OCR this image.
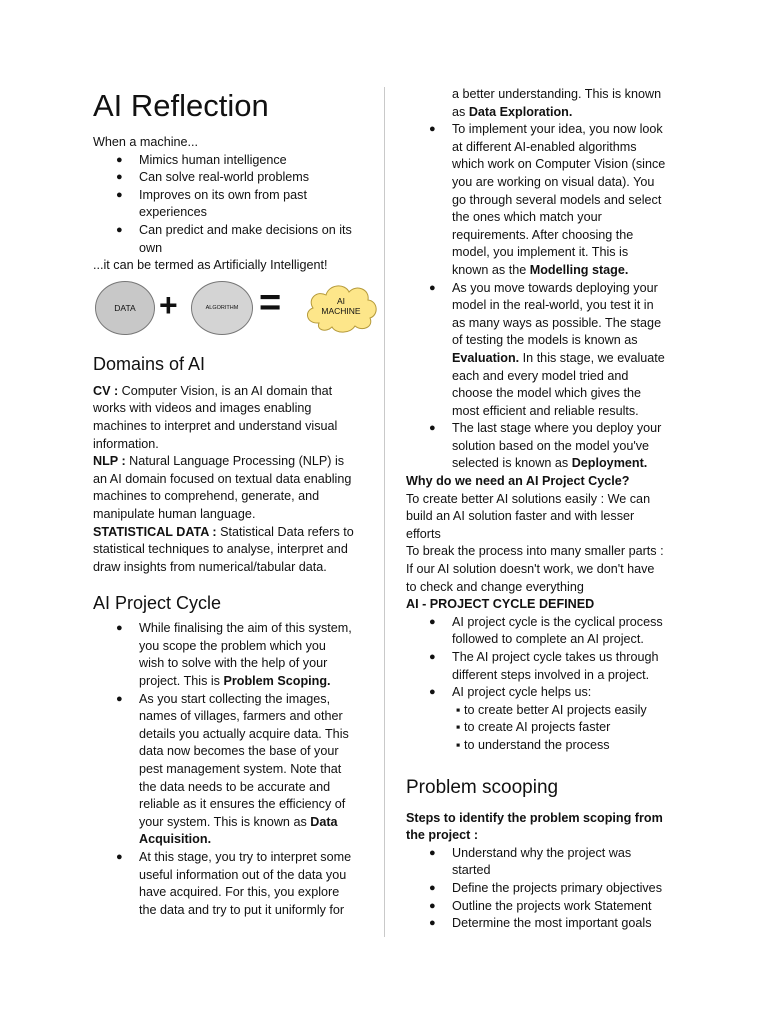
AI Reflection
When a machine...
● Mimics human intelligence
● Can solve real-world problems
● Improves on its own from past
experiences
● Can predict and make decisions on its
own
...it can be termed as Artificially Intelligent!
DATA +	ALGORITHM =	AI
MACHINE
Domains of AI
CV : Computer Vision, is an AI domain that
works with videos and images enabling
machines to interpret and understand visual
information.
NLP : Natural Language Processing (NLP) is
an AI domain focused on textual data enabling
machines to comprehend, generate, and
manipulate human language.
STATISTICAL DATA : Statistical Data refers to
statistical techniques to analyse, interpret and
draw insights from numerical/tabular data.
AI Project Cycle
● While finalising the aim of this system,
you scope the problem which you
wish to solve with the help of your
project. This is Problem Scoping.
● As you start collecting the images,
names of villages, farmers and other
details you actually acquire data. This
data now becomes the base of your
pest management system. Note that
the data needs to be accurate and
reliable as it ensures the efficiency of
your system. This is known as Data
Acquisition.
● At this stage, you try to interpret some
useful information out of the data you
have acquired. For this, you explore
the data and try to put it uniformly for
a better understanding. This is known
as Data Exploration.
● To implement your idea, you now look
at different AI-enabled algorithms
which work on Computer Vision (since
you are working on visual data). You
go through several models and select
the ones which match your
requirements. After choosing the
model, you implement it. This is
known as the Modelling stage.
● As you move towards deploying your
model in the real-world, you test it in
as many ways as possible. The stage
of testing the models is known as
Evaluation. In this stage, we evaluate
each and every model tried and
choose the model which gives the
most efficient and reliable results.
● The last stage where you deploy your
solution based on the model you've
selected is known as Deployment.
Why do we need an AI Project Cycle?
To create better AI solutions easily : We can
build an AI solution faster and with lesser
efforts
To break the process into many smaller parts :
If our AI solution doesn't work, we don't have
to check and change everything
AI - PROJECT CYCLE DEFINED
● AI project cycle is the cyclical process
followed to complete an AI project.
● The AI project cycle takes us through
different steps involved in a project.
● AI project cycle helps us:
▪ to create better AI projects easily
▪ to create AI projects faster
▪ to understand the process
Problem scooping
Steps to identify the problem scoping from
the project :
● Understand why the project was
started
● Define the projects primary objectives
● Outline the projects work Statement
● Determine the most important goals
